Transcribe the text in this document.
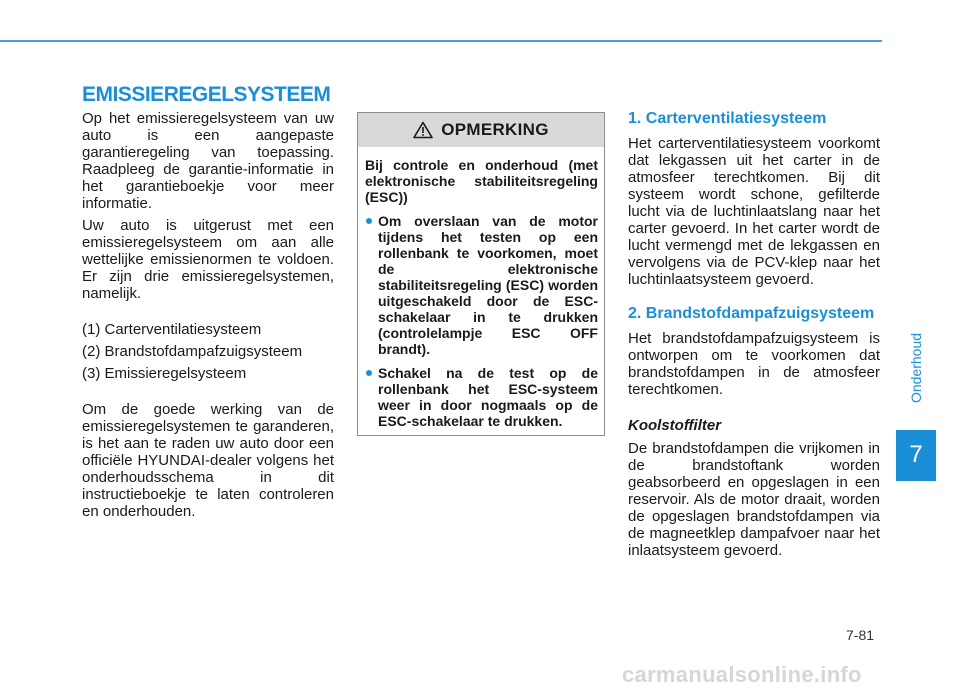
EMISSIEREGELSYSTEEM

Op het emissieregelsysteem van uw auto is een aangepaste garantieregeling van toepassing. Raadpleeg de garantie-informatie in het garantieboekje voor meer informatie.

Uw auto is uitgerust met een emissieregelsysteem om aan alle wettelijke emissienormen te voldoen. Er zijn drie emissieregelsystemen, namelijk.

(1) Carterventilatiesysteem
(2) Brandstofdampafzuigsysteem
(3) Emissieregelsysteem

Om de goede werking van de emissieregelsystemen te garanderen, is het aan te raden uw auto door een officiële HYUNDAI-dealer volgens het onderhoudsschema in dit instructieboekje te laten controleren en onderhouden.

OPMERKING

Bij controle en onderhoud (met elektronische stabiliteitsregeling (ESC))

Om overslaan van de motor tijdens het testen op een rollenbank te voorkomen, moet de elektronische stabiliteitsregeling (ESC) worden uitgeschakeld door de ESC-schakelaar in te drukken (controlelampje ESC OFF brandt).
Schakel na de test op de rollenbank het ESC-systeem weer in door nogmaals op de ESC-schakelaar te drukken.
1. Carterventilatiesysteem

Het carterventilatiesysteem voorkomt dat lekgassen uit het carter in de atmosfeer terechtkomen. Bij dit systeem wordt schone, gefilterde lucht via de luchtinlaatslang naar het carter gevoerd. In het carter wordt de lucht vermengd met de lekgassen en vervolgens via de PCV-klep naar het luchtinlaatsysteem gevoerd.

2. Brandstofdampafzuigsysteem

Het brandstofdampafzuigsysteem is ontworpen om te voorkomen dat brandstofdampen in de atmosfeer terechtkomen.

Koolstoffilter

De brandstofdampen die vrijkomen in de brandstoftank worden geabsorbeerd en opgeslagen in een reservoir. Als de motor draait, worden de opgeslagen brandstofdampen via de magneetklep dampafvoer naar het inlaatsysteem gevoerd.

Onderhoud
7
7-81
carmanualsonline.info
